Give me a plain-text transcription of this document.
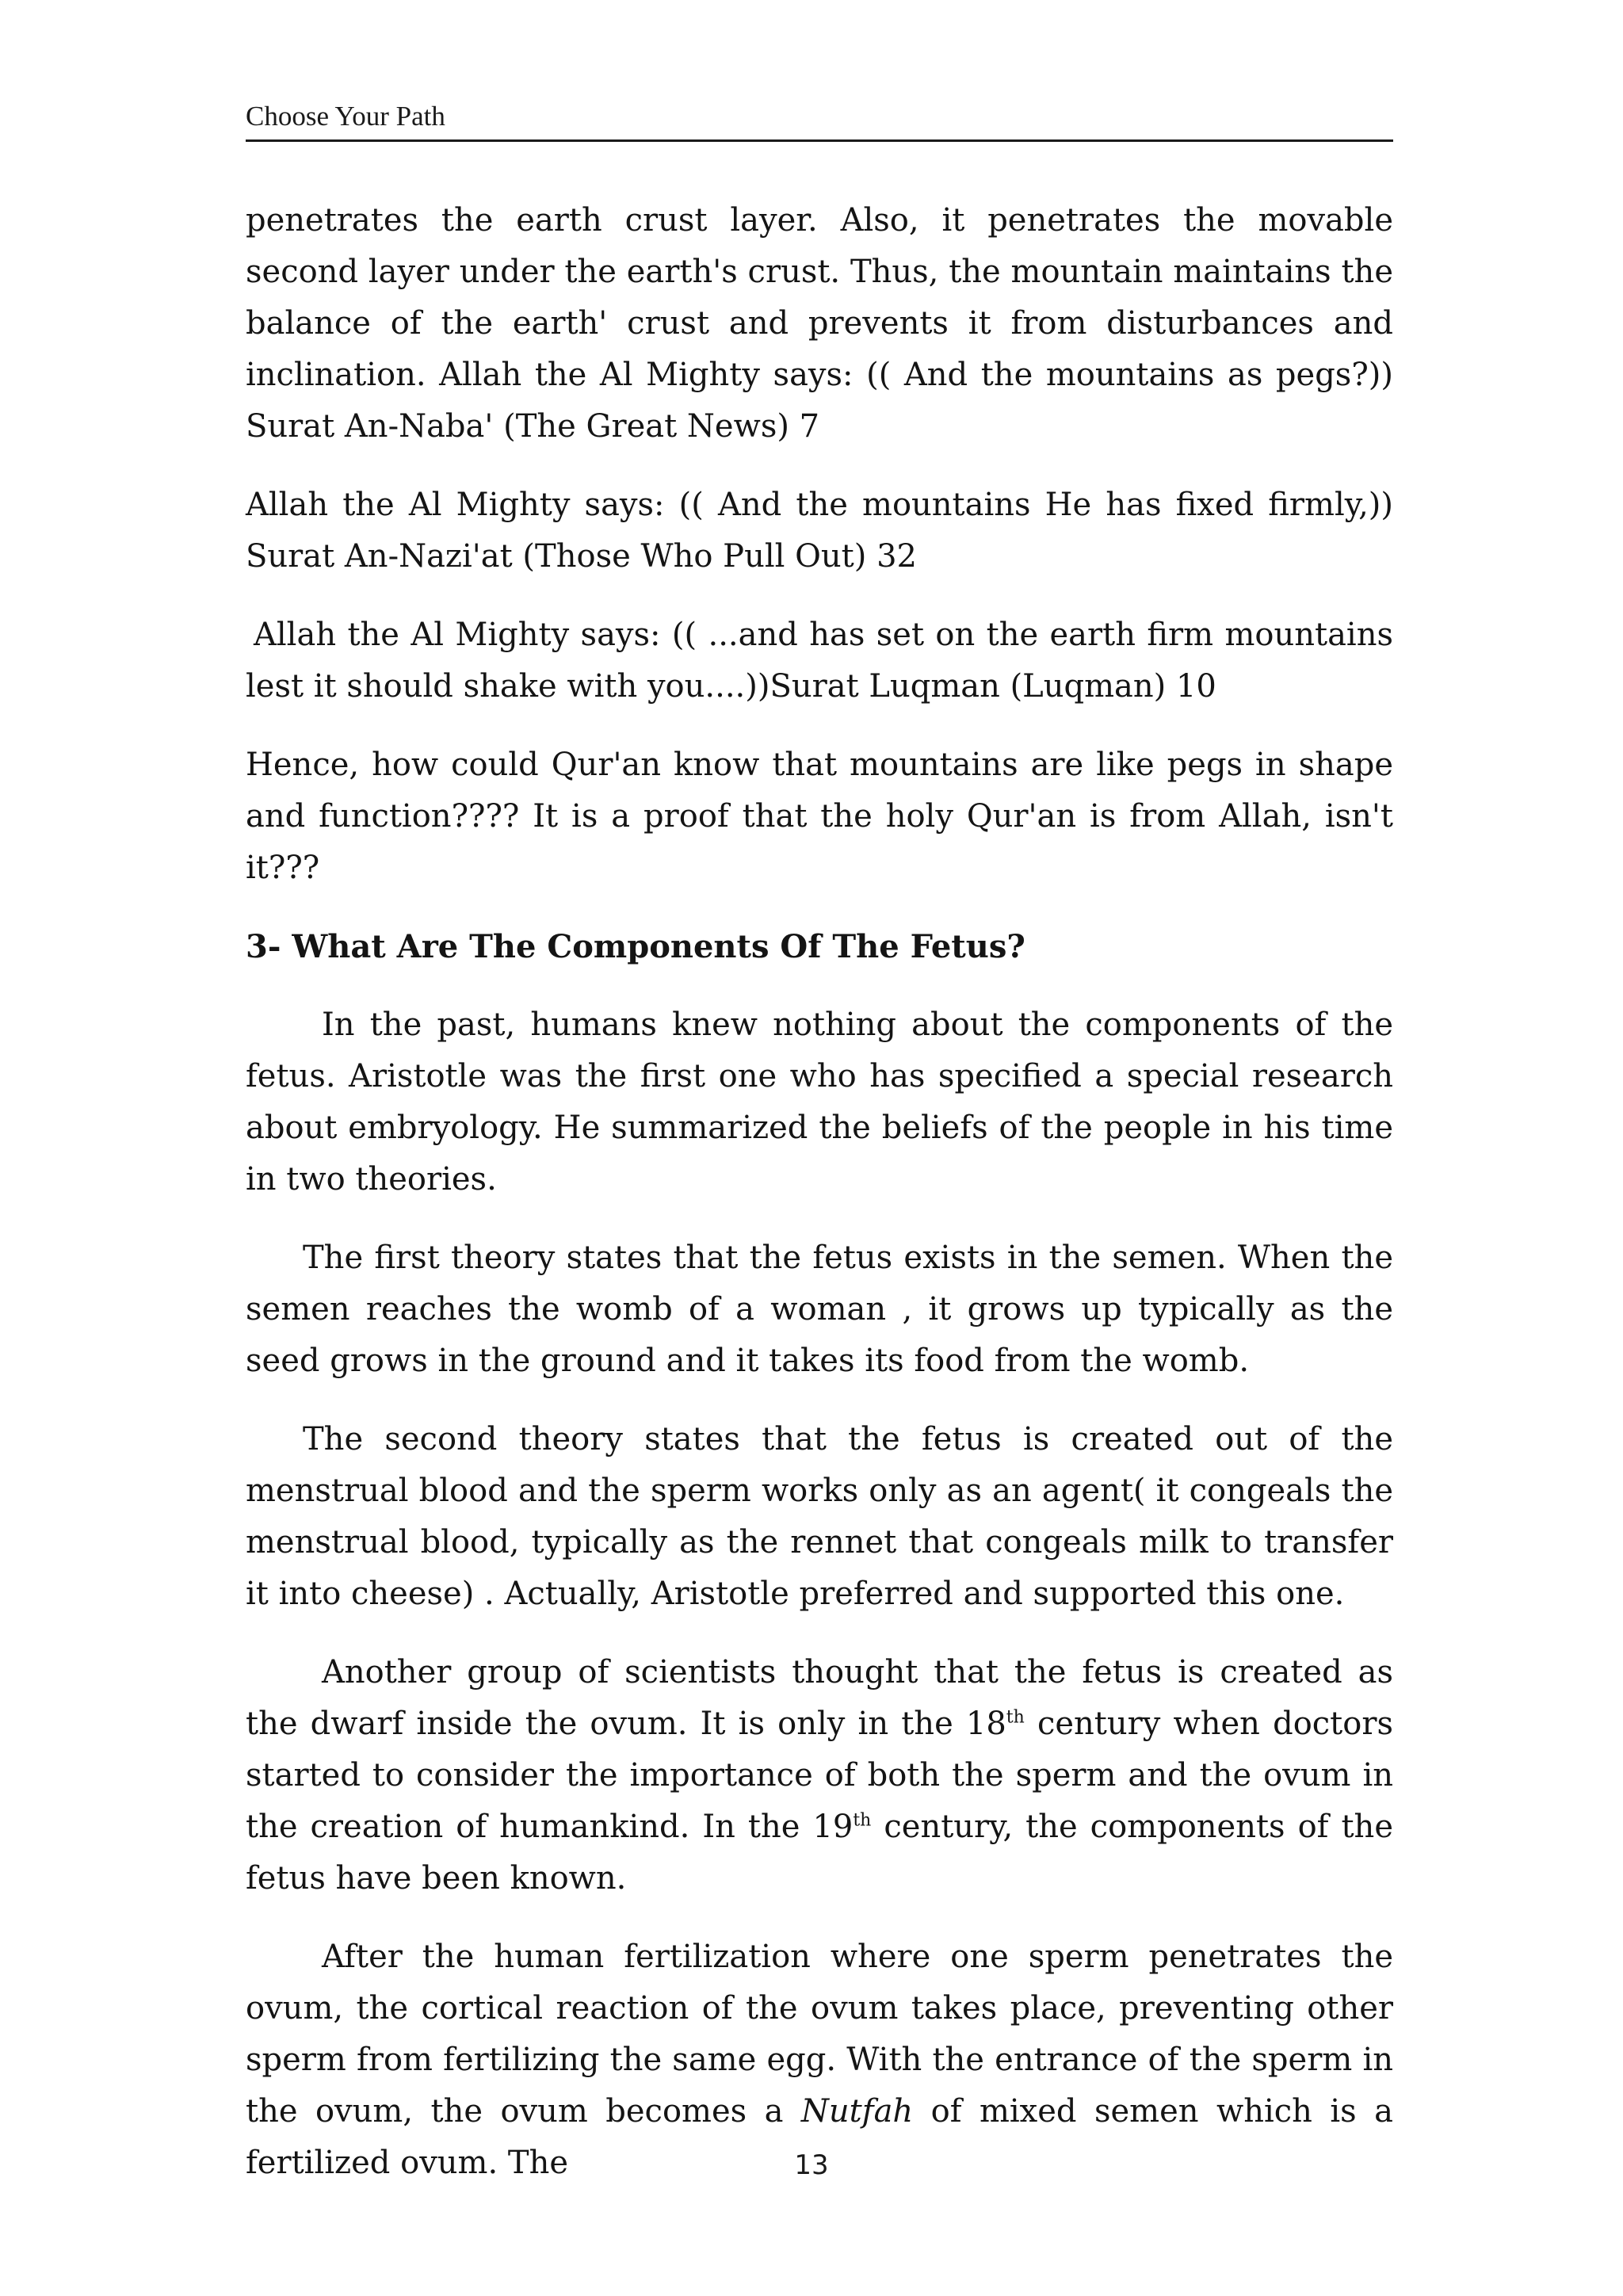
Choose Your Path

penetrates the earth crust layer. Also, it penetrates the movable second layer under the earth's crust. Thus, the mountain maintains the balance of the earth' crust and prevents it from disturbances and inclination. Allah the Al Mighty says: (( And the mountains as pegs?)) Surat An-Naba' (The Great News) 7

Allah the Al Mighty says: (( And the mountains He has fixed firmly,)) Surat An-Nazi'at (Those Who Pull Out) 32

Allah the Al Mighty says: (( ...and has set on the earth firm mountains lest it should shake with you....))Surat Luqman (Luqman) 10

Hence, how could Qur'an know that mountains are like pegs in shape and function???? It is a proof that the holy Qur'an is from Allah, isn't it???

3- What Are The Components Of The Fetus?

In the past, humans knew nothing about the components of the fetus. Aristotle was the first one who has specified a special research about embryology. He summarized the beliefs of the people in his time in two theories.

The first theory states that the fetus exists in the semen. When the semen reaches the womb of a woman , it grows up typically as the seed grows in the ground and it takes its food from the womb.

The second theory states that the fetus is created out of the menstrual blood and the sperm works only as an agent( it congeals the menstrual blood, typically as the rennet that congeals milk to transfer it into cheese) . Actually, Aristotle preferred and supported this one.

Another group of scientists thought that the fetus is created as the dwarf inside the ovum. It is only in the 18th century when doctors started to consider the importance of both the sperm and the ovum in the creation of humankind. In the 19th century, the components of the fetus have been known.

After the human fertilization where one sperm penetrates the ovum, the cortical reaction of the ovum takes place, preventing other sperm from fertilizing the same egg. With the entrance of the sperm in the ovum, the ovum becomes a Nutfah of mixed semen which is a fertilized ovum. The	13
